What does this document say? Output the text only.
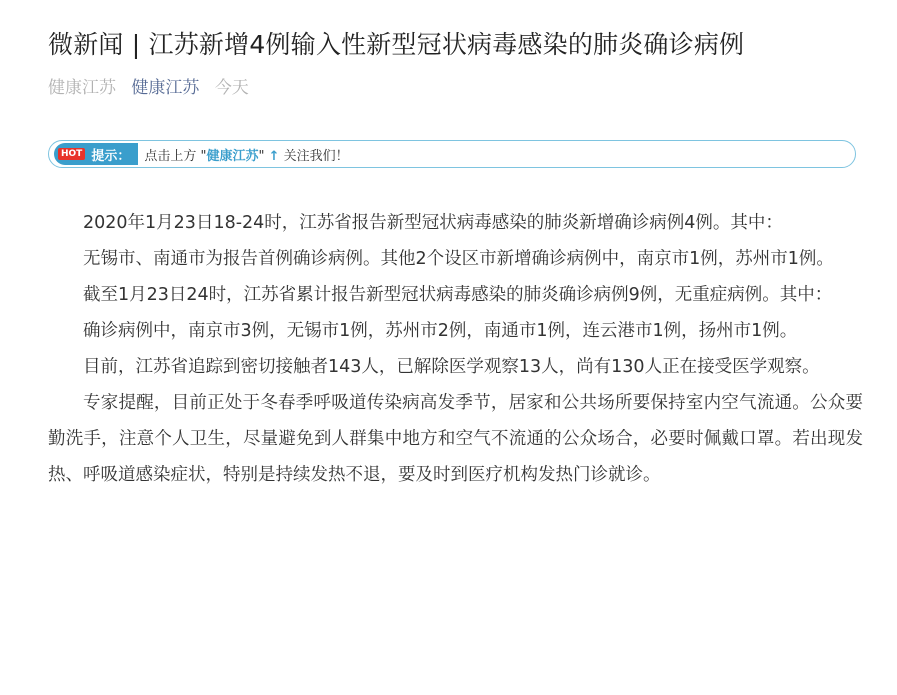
微新闻 | 江苏新增4例输入性新型冠状病毒感染的肺炎确诊病例
健康江苏 健康江苏 今天
HOT 提示： 点击上方 "健康江苏" ↑ 关注我们！

2020年1月23日18-24时，江苏省报告新型冠状病毒感染的肺炎新增确诊病例4例。其中：

无锡市、南通市为报告首例确诊病例。其他2个设区市新增确诊病例中，南京市1例，苏州市1例。

截至1月23日24时，江苏省累计报告新型冠状病毒感染的肺炎确诊病例9例，无重症病例。其中：

确诊病例中，南京市3例，无锡市1例，苏州市2例，南通市1例，连云港市1例，扬州市1例。

目前，江苏省追踪到密切接触者143人，已解除医学观察13人，尚有130人正在接受医学观察。

专家提醒，目前正处于冬春季呼吸道传染病高发季节，居家和公共场所要保持室内空气流通。公众要勤洗手，注意个人卫生，尽量避免到人群集中地方和空气不流通的公众场合，必要时佩戴口罩。若出现发热、呼吸道感染症状，特别是持续发热不退，要及时到医疗机构发热门诊就诊。
